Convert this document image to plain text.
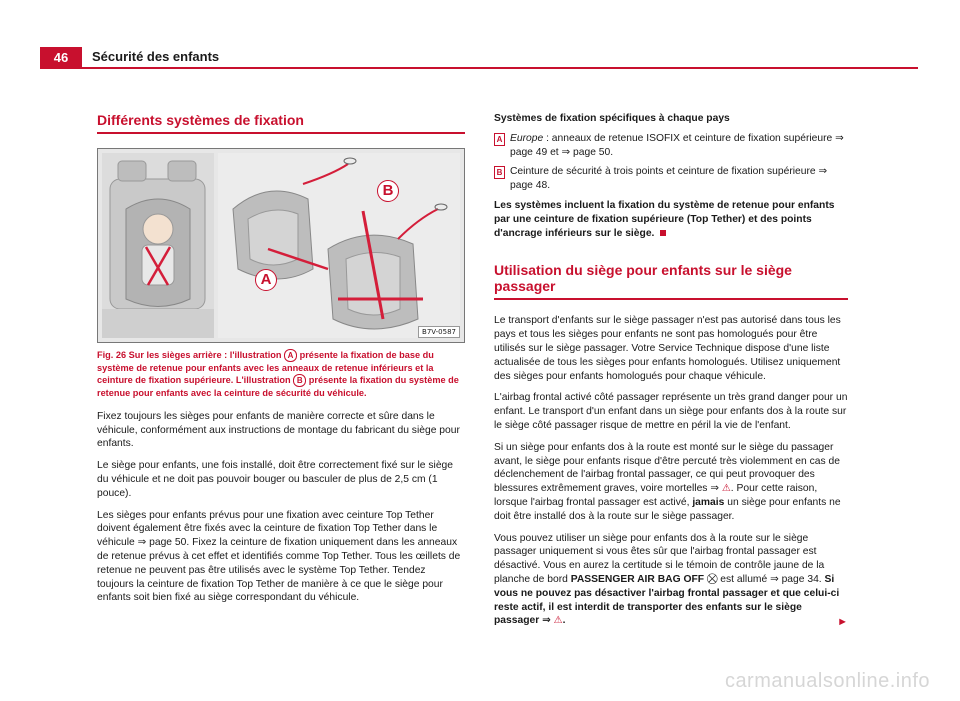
46	Sécurité des enfants
Différents systèmes de fixation
B
A
B7V-0587
Fig. 26 Sur les sièges arrière : l'illustration A présente la fixation de base du système de retenue pour enfants avec les anneaux de retenue inférieurs et la ceinture de fixation supérieure. L'illustration B présente la fixation du système de retenue pour enfants avec la ceinture de sécurité du véhicule.

Fixez toujours les sièges pour enfants de manière correcte et sûre dans le véhicule, conformément aux instructions de montage du fabricant du siège pour enfants.

Le siège pour enfants, une fois installé, doit être correctement fixé sur le siège du véhicule et ne doit pas pouvoir bouger ou basculer de plus de 2,5 cm (1 pouce).

Les sièges pour enfants prévus pour une fixation avec ceinture Top Tether doivent également être fixés avec la ceinture de fixation Top Tether dans le véhicule ⇒ page 50. Fixez la ceinture de fixation uniquement dans les anneaux de retenue prévus à cet effet et identifiés comme Top Tether. Tous les œillets de retenue ne peuvent pas être utilisés avec le système Top Tether. Tendez toujours la ceinture de fixation Top Tether de manière à ce que le siège pour enfants soit bien fixé au siège correspondant du véhicule.

Systèmes de fixation spécifiques à chaque pays
A Europe : anneaux de retenue ISOFIX et ceinture de fixation supérieure ⇒ page 49 et ⇒ page 50.
B Ceinture de sécurité à trois points et ceinture de fixation supérieure ⇒ page 48.

Les systèmes incluent la fixation du système de retenue pour enfants par une ceinture de fixation supérieure (Top Tether) et des points d'ancrage inférieurs sur le siège.

Utilisation du siège pour enfants sur le siège passager

Le transport d'enfants sur le siège passager n'est pas autorisé dans tous les pays et tous les sièges pour enfants ne sont pas homologués pour être utilisés sur le siège passager. Votre Service Technique dispose d'une liste actualisée de tous les sièges pour enfants homologués. Utilisez uniquement des sièges pour enfants homologués pour chaque véhicule.

L'airbag frontal activé côté passager représente un très grand danger pour un enfant. Le transport d'un enfant dans un siège pour enfants dos à la route sur le siège côté passager risque de mettre en péril la vie de l'enfant.

Si un siège pour enfants dos à la route est monté sur le siège du passager avant, le siège pour enfants risque d'être percuté très violemment en cas de déclenchement de l'airbag frontal passager, ce qui peut provoquer des blessures extrêmement graves, voire mortelles ⇒ ⚠. Pour cette raison, lorsque l'airbag frontal passager est activé, jamais un siège pour enfants ne doit être installé dos à la route sur le siège passager.

Vous pouvez utiliser un siège pour enfants dos à la route sur le siège passager uniquement si vous êtes sûr que l'airbag frontal passager est désactivé. Vous en aurez la certitude si le témoin de contrôle jaune de la planche de bord PASSENGER AIR BAG OFF ⛒ est allumé ⇒ page 34. Si vous ne pouvez pas désactiver l'airbag frontal passager et que celui-ci reste actif, il est interdit de transporter des enfants sur le siège passager ⇒ ⚠.	►

carmanualsonline.info
